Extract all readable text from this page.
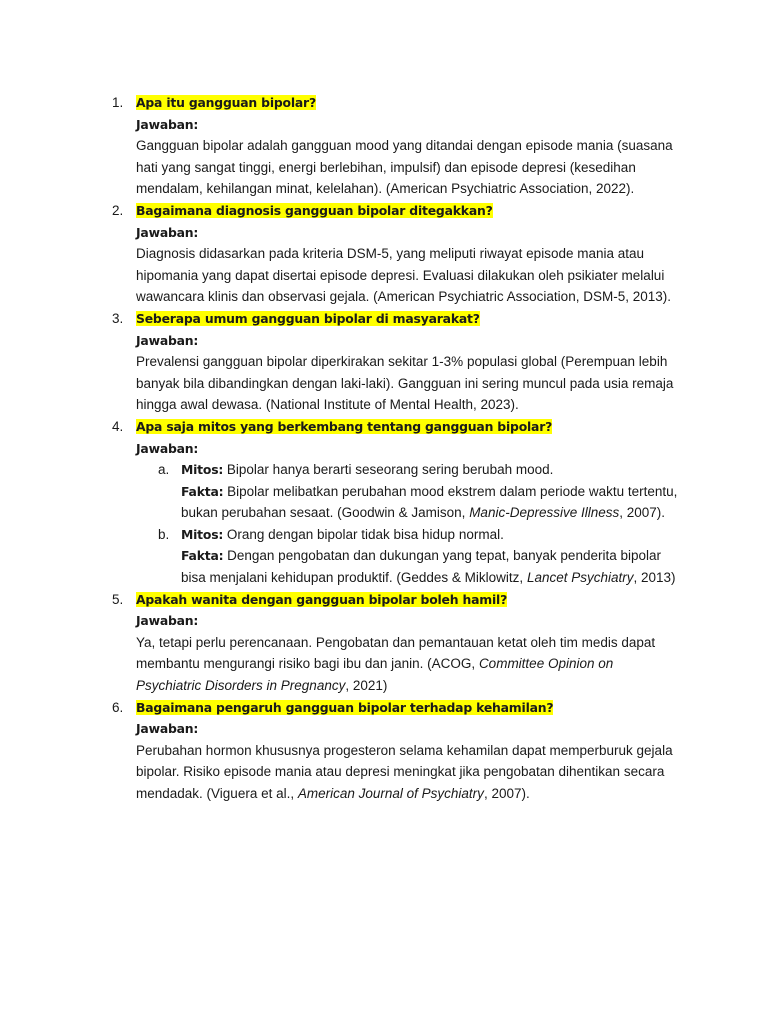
1. Apa itu gangguan bipolar?
Jawaban:

Gangguan bipolar adalah gangguan mood yang ditandai dengan episode mania (suasana hati yang sangat tinggi, energi berlebihan, impulsif) dan episode depresi (kesedihan mendalam, kehilangan minat, kelelahan). (American Psychiatric Association, 2022).

2. Bagaimana diagnosis gangguan bipolar ditegakkan?
Jawaban:

Diagnosis didasarkan pada kriteria DSM-5, yang meliputi riwayat episode mania atau hipomania yang dapat disertai episode depresi. Evaluasi dilakukan oleh psikiater melalui wawancara klinis dan observasi gejala. (American Psychiatric Association, DSM-5, 2013).

3. Seberapa umum gangguan bipolar di masyarakat?
Jawaban:

Prevalensi gangguan bipolar diperkirakan sekitar 1-3% populasi global (Perempuan lebih banyak bila dibandingkan dengan laki-laki). Gangguan ini sering muncul pada usia remaja hingga awal dewasa. (National Institute of Mental Health, 2023).

4. Apa saja mitos yang berkembang tentang gangguan bipolar?
Jawaban:
a. Mitos: Bipolar hanya berarti seseorang sering berubah mood.

Fakta: Bipolar melibatkan perubahan mood ekstrem dalam periode waktu tertentu, bukan perubahan sesaat. (Goodwin & Jamison, Manic-Depressive Illness, 2007).

b. Mitos: Orang dengan bipolar tidak bisa hidup normal.

Fakta: Dengan pengobatan dan dukungan yang tepat, banyak penderita bipolar bisa menjalani kehidupan produktif. (Geddes & Miklowitz, Lancet Psychiatry, 2013)

5. Apakah wanita dengan gangguan bipolar boleh hamil?
Jawaban:

Ya, tetapi perlu perencanaan. Pengobatan dan pemantauan ketat oleh tim medis dapat membantu mengurangi risiko bagi ibu dan janin. (ACOG, Committee Opinion on Psychiatric Disorders in Pregnancy, 2021)

6. Bagaimana pengaruh gangguan bipolar terhadap kehamilan?
Jawaban:

Perubahan hormon khususnya progesteron selama kehamilan dapat memperburuk gejala bipolar. Risiko episode mania atau depresi meningkat jika pengobatan dihentikan secara mendadak. (Viguera et al., American Journal of Psychiatry, 2007).
